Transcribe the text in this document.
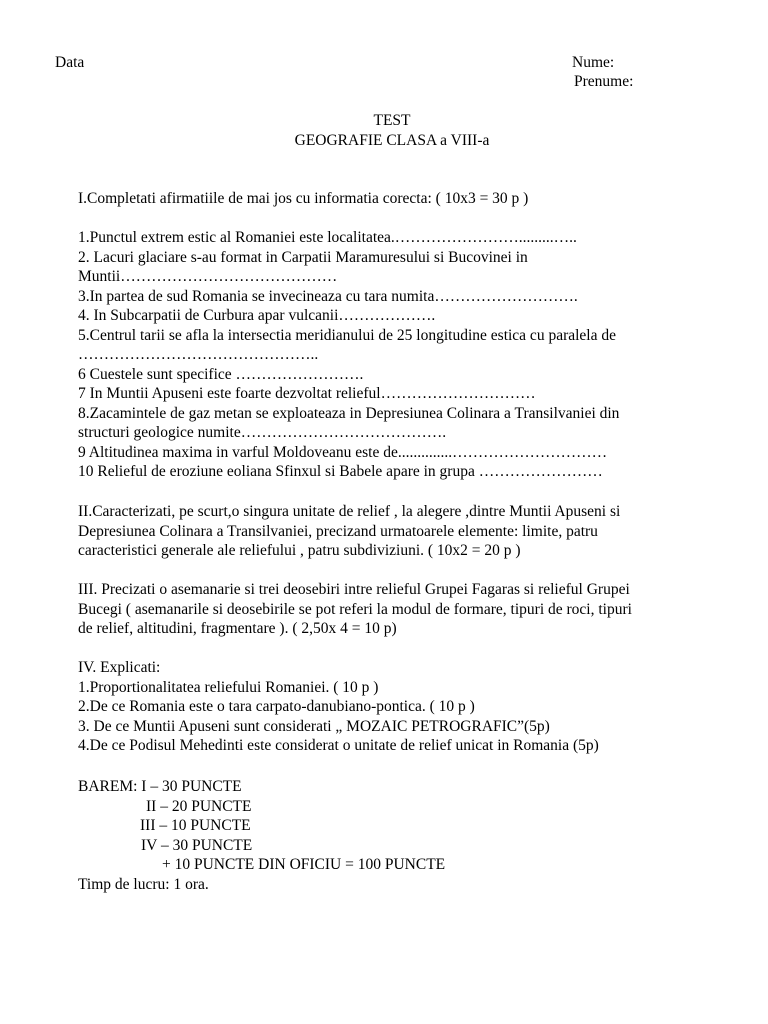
Data	Nume:
Prenume:
TEST
GEOGRAFIE CLASA a VIII-a
I.Completati afirmatiile de mai jos cu informatia corecta: ( 10x3 = 30 p )
1.Punctul extrem estic al Romaniei este localitatea.…………………….........…..
2. Lacuri glaciare s-au format in Carpatii Maramuresului si Bucovinei in
Muntii……………………………………
3.In partea de sud Romania se invecineaza cu tara numita……………………….
4. In Subcarpatii de Curbura apar vulcanii……………….
5.Centrul tarii se afla la intersectia meridianului de 25 longitudine estica cu paralela de
………………………………………..
6 Cuestele sunt specifice …………………….
7 In Muntii Apuseni este foarte dezvoltat relieful…………………………
8.Zacamintele de gaz metan se exploateaza in Depresiunea Colinara a Transilvaniei din
structuri geologice numite………………………………….
9 Altitudinea maxima in varful Moldoveanu este de..............…………………………
10 Relieful de eroziune eoliana Sfinxul si Babele apare in grupa ……………………
II.Caracterizati, pe scurt,o singura unitate de relief , la alegere ,dintre Muntii Apuseni si
Depresiunea Colinara a Transilvaniei, precizand urmatoarele elemente: limite, patru
caracteristici generale ale reliefului , patru subdiviziuni. ( 10x2 = 20 p )
III. Precizati o asemanarie si trei deosebiri intre relieful Grupei Fagaras si relieful Grupei
Bucegi ( asemanarile si deosebirile se pot referi la modul de formare, tipuri de roci, tipuri
de relief, altitudini, fragmentare ). ( 2,50x 4 = 10 p)
IV. Explicati:
1.Proportionalitatea reliefului Romaniei. ( 10 p )
2.De ce Romania este o tara carpato-danubiano-pontica. ( 10 p )
3. De ce Muntii Apuseni sunt considerati „ MOZAIC PETROGRAFIC”(5p)
4.De ce Podisul Mehedinti este considerat o unitate de relief unicat in Romania (5p)
BAREM: I – 30 PUNCTE
II – 20 PUNCTE
III – 10 PUNCTE
IV – 30 PUNCTE
+ 10 PUNCTE DIN OFICIU = 100 PUNCTE
Timp de lucru: 1 ora.
